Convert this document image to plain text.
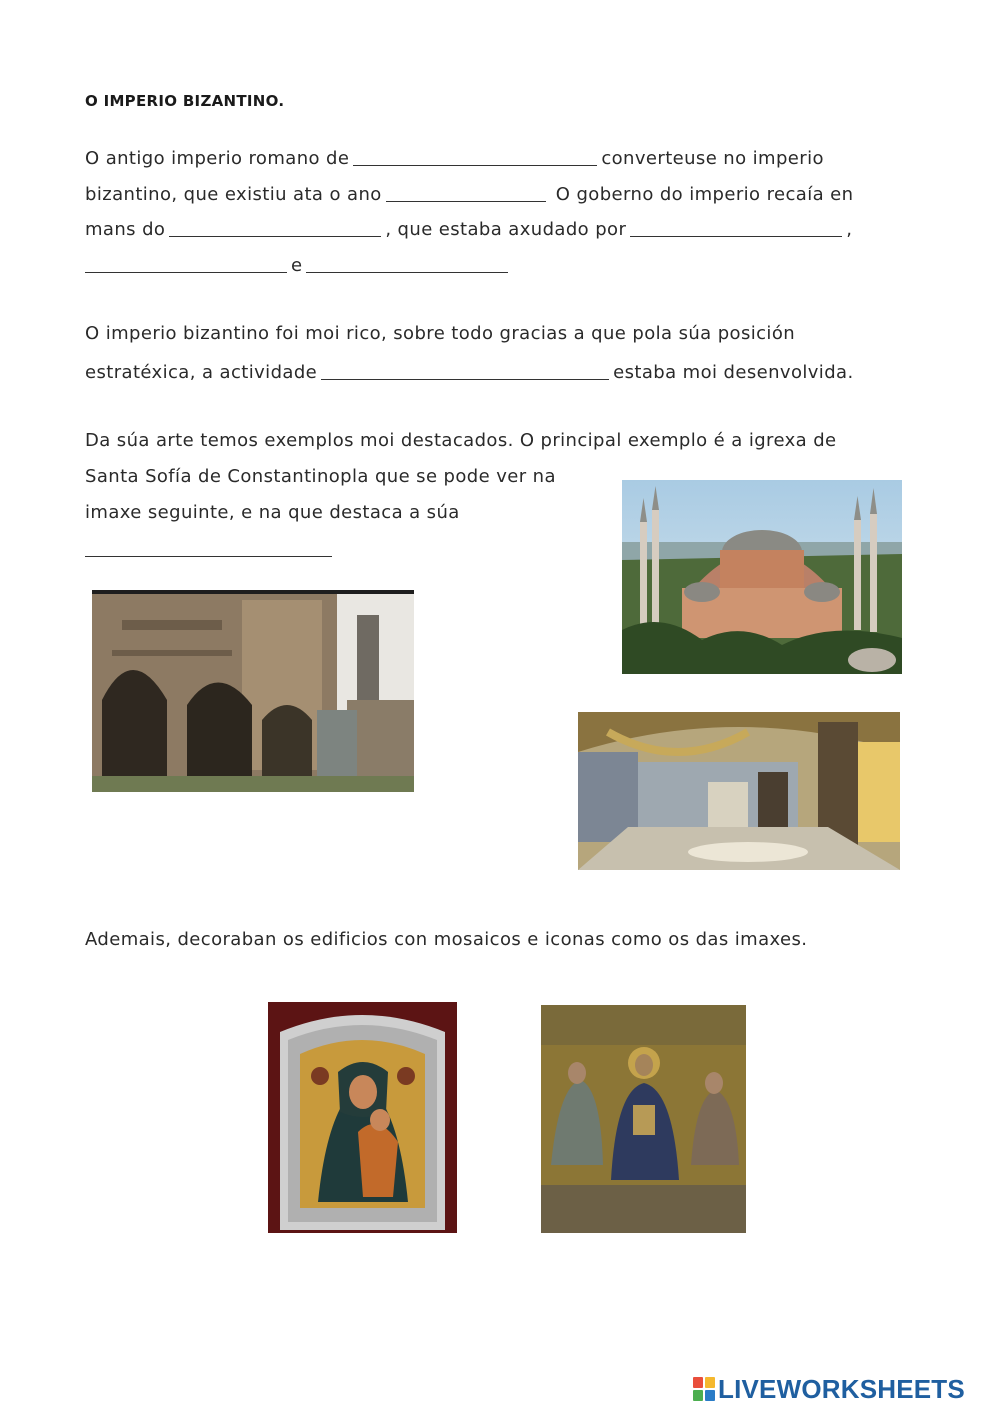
O IMPERIO BIZANTINO.
O antigo imperio romano de	converteuse no imperio
bizantino, que existiu ata o ano	O goberno do imperio recaía en
mans do	, que estaba axudado por	,
e
O imperio bizantino foi moi rico, sobre todo gracias a que pola súa posición
estratéxica, a actividade	estaba moi desenvolvida.
Da súa arte temos exemplos moi destacados. O principal exemplo é a igrexa de
Santa Sofía de Constantinopla que se pode ver na
imaxe seguinte, e na que destaca a súa
Ademais, decoraban os edificios con mosaicos e iconas como os das imaxes.
LIVEWORKSHEETS
